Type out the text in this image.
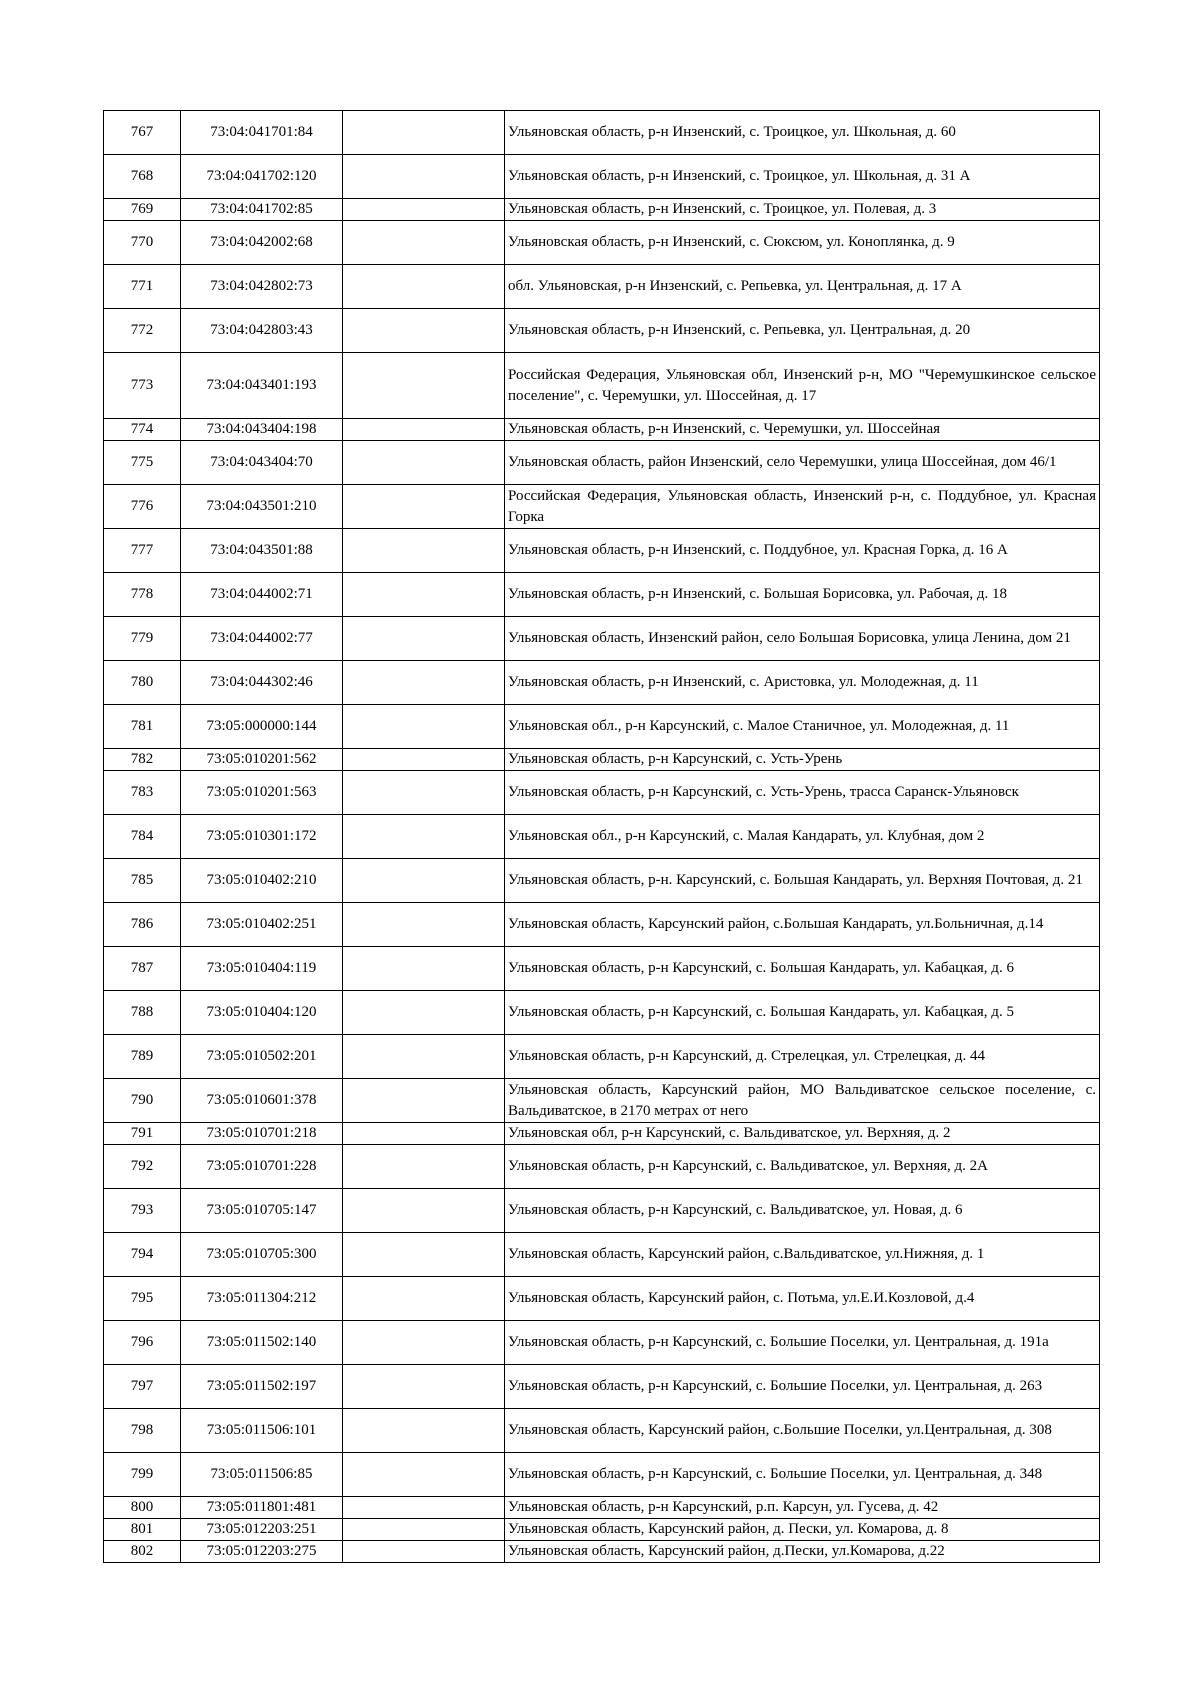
767	73:04:041701:84		Ульяновская область, р-н Инзенский, с. Троицкое, ул. Школьная, д. 60
768	73:04:041702:120		Ульяновская область, р-н Инзенский, с. Троицкое, ул. Школьная, д. 31 А
769	73:04:041702:85		Ульяновская область, р-н Инзенский, с. Троицкое, ул. Полевая, д. 3
770	73:04:042002:68		Ульяновская область, р-н Инзенский, с. Сюксюм, ул. Коноплянка, д. 9
771	73:04:042802:73		обл. Ульяновская, р-н Инзенский, с. Репьевка, ул. Центральная, д. 17 А
772	73:04:042803:43		Ульяновская область, р-н Инзенский, с. Репьевка, ул. Центральная, д. 20
773	73:04:043401:193		Российская Федерация, Ульяновская обл, Инзенский р-н, МО "Черемушкинское сельское поселение", с. Черемушки, ул. Шоссейная, д. 17
774	73:04:043404:198		Ульяновская область, р-н Инзенский, с. Черемушки, ул. Шоссейная
775	73:04:043404:70		Ульяновская область, район Инзенский, село Черемушки, улица Шоссейная, дом 46/1
776	73:04:043501:210		Российская Федерация, Ульяновская область, Инзенский р-н, с. Поддубное, ул. Красная Горка
777	73:04:043501:88		Ульяновская область, р-н Инзенский, с. Поддубное, ул. Красная Горка, д. 16 А
778	73:04:044002:71		Ульяновская область, р-н Инзенский, с. Большая Борисовка, ул. Рабочая, д. 18
779	73:04:044002:77		Ульяновская область, Инзенский район, село Большая Борисовка, улица Ленина, дом 21
780	73:04:044302:46		Ульяновская область, р-н Инзенский, с. Аристовка, ул. Молодежная, д. 11
781	73:05:000000:144		Ульяновская обл., р-н Карсунский, с. Малое Станичное, ул. Молодежная, д. 11
782	73:05:010201:562		Ульяновская область, р-н Карсунский, с. Усть-Урень
783	73:05:010201:563		Ульяновская область, р-н Карсунский, с. Усть-Урень, трасса Саранск-Ульяновск
784	73:05:010301:172		Ульяновская обл., р-н Карсунский, с. Малая Кандарать, ул. Клубная, дом 2
785	73:05:010402:210		Ульяновская область, р-н. Карсунский, с. Большая Кандарать, ул. Верхняя Почтовая, д. 21
786	73:05:010402:251		Ульяновская область, Карсунский район, с.Большая Кандарать, ул.Больничная, д.14
787	73:05:010404:119		Ульяновская область, р-н Карсунский, с. Большая Кандарать, ул. Кабацкая, д. 6
788	73:05:010404:120		Ульяновская область, р-н Карсунский, с. Большая Кандарать, ул. Кабацкая, д. 5
789	73:05:010502:201		Ульяновская область, р-н Карсунский, д. Стрелецкая, ул. Стрелецкая, д. 44
790	73:05:010601:378		Ульяновская область, Карсунский район, МО Вальдиватское сельское поселение, с. Вальдиватское, в 2170 метрах от него
791	73:05:010701:218		Ульяновская обл, р-н Карсунский, с. Вальдиватское, ул. Верхняя, д. 2
792	73:05:010701:228		Ульяновская область, р-н Карсунский, с. Вальдиватское, ул. Верхняя, д. 2А
793	73:05:010705:147		Ульяновская область, р-н Карсунский, с. Вальдиватское, ул. Новая, д. 6
794	73:05:010705:300		Ульяновская область, Карсунский район, с.Вальдиватское, ул.Нижняя, д. 1
795	73:05:011304:212		Ульяновская область, Карсунский район, с. Потьма, ул.Е.И.Козловой, д.4
796	73:05:011502:140		Ульяновская область, р-н Карсунский, с. Большие Поселки, ул. Центральная, д. 191а
797	73:05:011502:197		Ульяновская область, р-н Карсунский, с. Большие Поселки, ул. Центральная, д. 263
798	73:05:011506:101		Ульяновская область, Карсунский район, с.Большие Поселки, ул.Центральная, д. 308
799	73:05:011506:85		Ульяновская область, р-н Карсунский, с. Большие Поселки, ул. Центральная, д. 348
800	73:05:011801:481		Ульяновская область, р-н Карсунский, р.п. Карсун, ул. Гусева, д. 42
801	73:05:012203:251		Ульяновская область, Карсунский район, д. Пески, ул. Комарова, д. 8
802	73:05:012203:275		Ульяновская область, Карсунский район, д.Пески, ул.Комарова, д.22
